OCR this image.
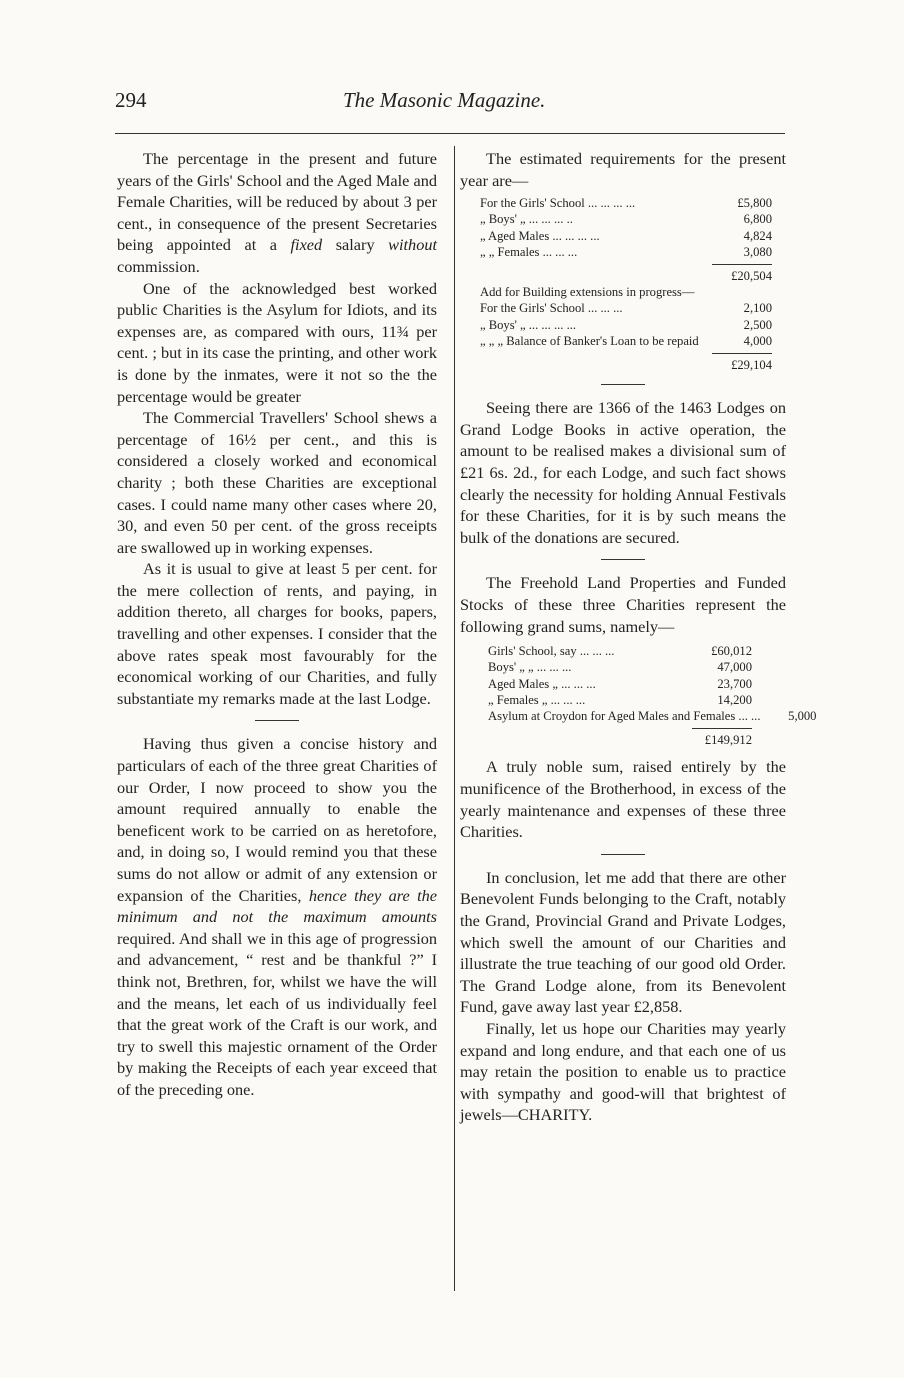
294	The Masonic Magazine.

The percentage in the present and future years of the Girls' School and the Aged Male and Female Charities, will be reduced by about 3 per cent., in consequence of the present Secretaries being appointed at a fixed salary without commission.

One of the acknowledged best worked public Charities is the Asylum for Idiots, and its expenses are, as compared with ours, 11¾ per cent. ; but in its case the printing, and other work is done by the inmates, were it not so the the percentage would be greater

The Commercial Travellers' School shews a percentage of 16½ per cent., and this is considered a closely worked and economical charity ; both these Charities are exceptional cases. I could name many other cases where 20, 30, and even 50 per cent. of the gross receipts are swallowed up in working expenses.

As it is usual to give at least 5 per cent. for the mere collection of rents, and paying, in addition thereto, all charges for books, papers, travelling and other expenses. I consider that the above rates speak most favourably for the economical working of our Charities, and fully substantiate my remarks made at the last Lodge.

Having thus given a concise history and particulars of each of the three great Charities of our Order, I now proceed to show you the amount required annually to enable the beneficent work to be carried on as heretofore, and, in doing so, I would remind you that these sums do not allow or admit of any extension or expansion of the Charities, hence they are the minimum and not the maximum amounts required. And shall we in this age of progression and advancement, “ rest and be thankful ?” I think not, Brethren, for, whilst we have the will and the means, let each of us individually feel that the great work of the Craft is our work, and try to swell this majestic ornament of the Order by making the Receipts of each year exceed that of the preceding one.

The estimated requirements for the present year are—

For the Girls' School ... ... ... ...	£5,800
„ Boys' „ ... ... ... ..	6,800
„ Aged Males ... ... ... ...	4,824
„ „ Females ... ... ...	3,080
£20,504
Add for Building extensions in progress—
For the Girls' School ... ... ...	2,100
„ Boys' „ ... ... ... ...	2,500
„ „ „ Balance of Banker's Loan to be repaid	4,000
£29,104

Seeing there are 1366 of the 1463 Lodges on Grand Lodge Books in active operation, the amount to be realised makes a divisional sum of £21 6s. 2d., for each Lodge, and such fact shows clearly the necessity for holding Annual Festivals for these Charities, for it is by such means the bulk of the donations are secured.

The Freehold Land Properties and Funded Stocks of these three Charities represent the following grand sums, namely—

Girls' School, say ... ... ...	£60,012
Boys' „ „ ... ... ...	47,000
Aged Males „ ... ... ...	23,700
„ Females „ ... ... ...	14,200
Asylum at Croydon for Aged Males and Females ... ...	5,000
£149,912

A truly noble sum, raised entirely by the munificence of the Brotherhood, in excess of the yearly maintenance and expenses of these three Charities.

In conclusion, let me add that there are other Benevolent Funds belonging to the Craft, notably the Grand, Provincial Grand and Private Lodges, which swell the amount of our Charities and illustrate the true teaching of our good old Order. The Grand Lodge alone, from its Benevolent Fund, gave away last year £2,858.

Finally, let us hope our Charities may yearly expand and long endure, and that each one of us may retain the position to enable us to practice with sympathy and good-will that brightest of jewels—CHARITY.
